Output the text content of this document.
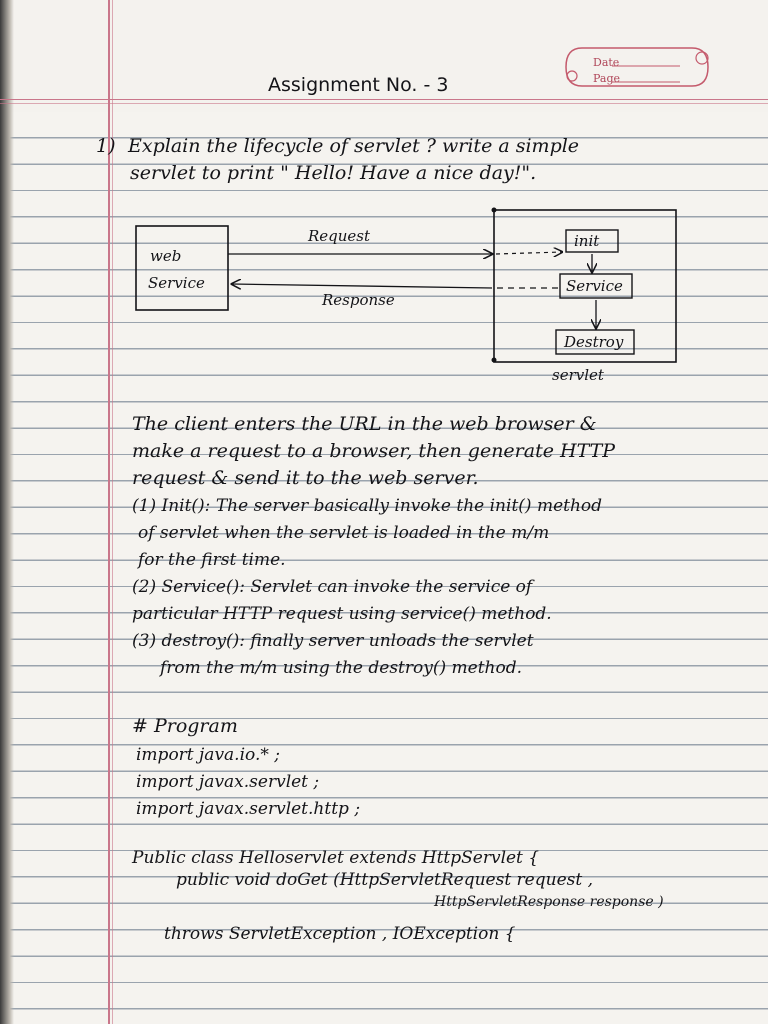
Date
Page
Assignment No. - 3
1) Explain the lifecycle of servlet ? write a simple
servlet to print " Hello! Have a nice day!".
web
Service
Request
Response
init
Service
Destroy
servlet
The client enters the URL in the web browser &
make a request to a browser, then generate HTTP
request & send it to the web server.
(1) Init(): The server basically invoke the init() method
of servlet when the servlet is loaded in the m/m
for the first time.
(2) Service(): Servlet can invoke the service of
particular HTTP request using service() method.
(3) destroy(): finally server unloads the servlet
from the m/m using the destroy() method.
# Program
import java.io.* ;
import javax.servlet ;
import javax.servlet.http ;
Public class Helloservlet extends HttpServlet {
public void doGet (HttpServletRequest request ,
HttpServletResponse response )
throws ServletException , IOException {
